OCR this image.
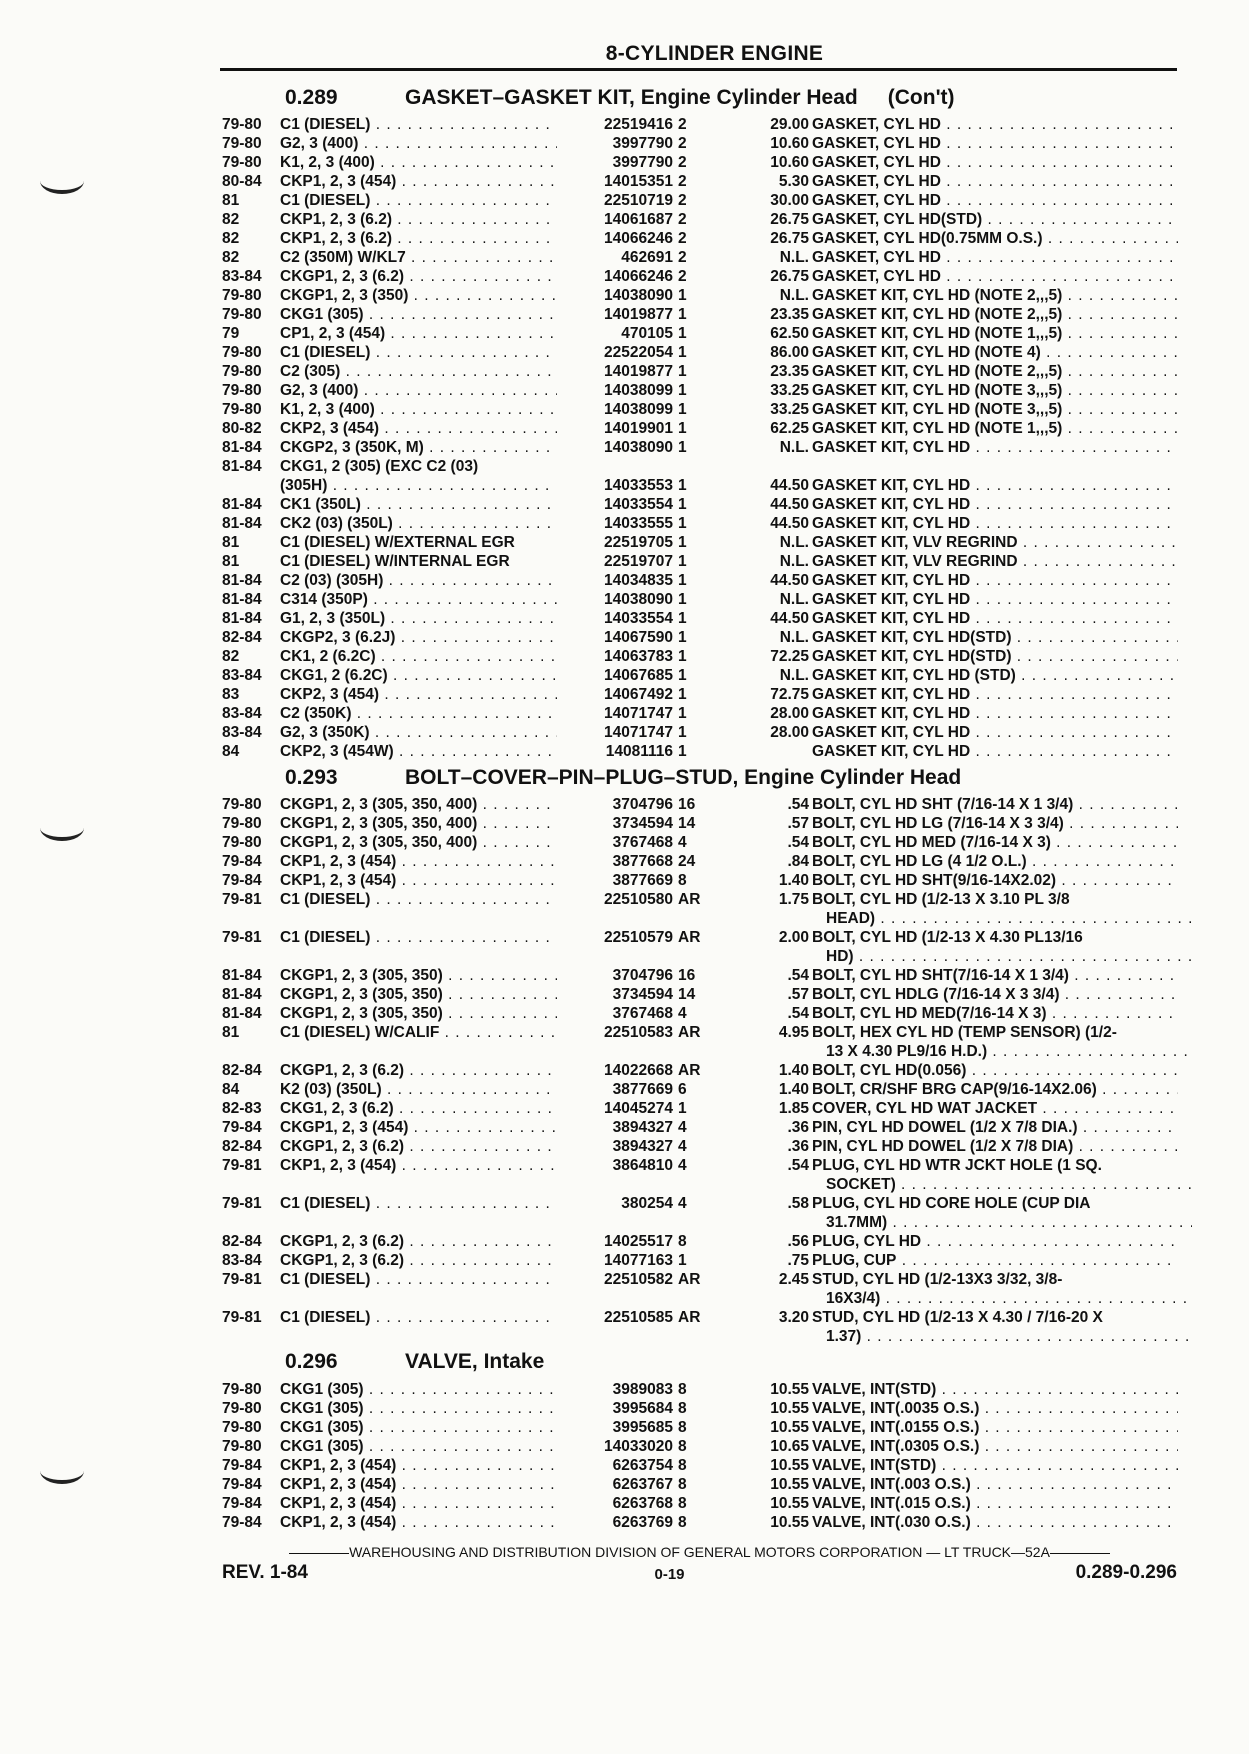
8-CYLINDER ENGINE
0.289	GASKET–GASKET KIT, Engine Cylinder Head (Con't)
79-80	C1 (DIESEL) . . .	22519416 2	29.00 GASKET, CYL HD . . .
79-80	G2, 3 (400) . . .	3997790 2	10.60 GASKET, CYL HD . . .
79-80	K1, 2, 3 (400) . . .	3997790 2	10.60 GASKET, CYL HD . . .
80-84	CKP1, 2, 3 (454) . . .	14015351 2	5.30 GASKET, CYL HD . . .
81	C1 (DIESEL) . . .	22510719 2	30.00 GASKET, CYL HD . . .
82	CKP1, 2, 3 (6.2) . . .	14061687 2	26.75 GASKET, CYL HD(STD) . . .
82	CKP1, 2, 3 (6.2) . . .	14066246 2	26.75 GASKET, CYL HD(0.75MM O.S.) . . .
82	C2 (350M) W/KL7 . . .	462691 2	N.L. GASKET, CYL HD . . .
83-84	CKGP1, 2, 3 (6.2) . . .	14066246 2	26.75 GASKET, CYL HD . . .
79-80	CKGP1, 2, 3 (350) . . .	14038090 1	N.L. GASKET KIT, CYL HD (NOTE 2,,,5) . . .
79-80	CKG1 (305) . . .	14019877 1	23.35 GASKET KIT, CYL HD (NOTE 2,,,5) . . .
79	CP1, 2, 3 (454) . . .	470105 1	62.50 GASKET KIT, CYL HD (NOTE 1,,,5) . . .
79-80	C1 (DIESEL) . . .	22522054 1	86.00 GASKET KIT, CYL HD (NOTE 4) . . .
79-80	C2 (305) . . .	14019877 1	23.35 GASKET KIT, CYL HD (NOTE 2,,,5) . . .
79-80	G2, 3 (400) . . .	14038099 1	33.25 GASKET KIT, CYL HD (NOTE 3,,,5) . . .
79-80	K1, 2, 3 (400) . . .	14038099 1	33.25 GASKET KIT, CYL HD (NOTE 3,,,5) . . .
80-82	CKP2, 3 (454) . . .	14019901 1	62.25 GASKET KIT, CYL HD (NOTE 1,,,5) . . .
81-84	CKGP2, 3 (350K, M) . . .	14038090 1	N.L. GASKET KIT, CYL HD . . .
81-84	CKG1, 2 (305) (EXC C2 (03)
(305H) . . .	14033553 1	44.50 GASKET KIT, CYL HD . . .
81-84	CK1 (350L) . . .	14033554 1	44.50 GASKET KIT, CYL HD . . .
81-84	CK2 (03) (350L) . . .	14033555 1	44.50 GASKET KIT, CYL HD . . .
81	C1 (DIESEL) W/EXTERNAL EGR	22519705 1	N.L. GASKET KIT, VLV REGRIND . . .
81	C1 (DIESEL) W/INTERNAL EGR	22519707 1	N.L. GASKET KIT, VLV REGRIND . . .
81-84	C2 (03) (305H) . . .	14034835 1	44.50 GASKET KIT, CYL HD . . .
81-84	C314 (350P) . . .	14038090 1	N.L. GASKET KIT, CYL HD . . .
81-84	G1, 2, 3 (350L) . . .	14033554 1	44.50 GASKET KIT, CYL HD . . .
82-84	CKGP2, 3 (6.2J) . . .	14067590 1	N.L. GASKET KIT, CYL HD(STD) . . .
82	CK1, 2 (6.2C) . . .	14063783 1	72.25 GASKET KIT, CYL HD(STD) . . .
83-84	CKG1, 2 (6.2C) . . .	14067685 1	N.L. GASKET KIT, CYL HD (STD) . . .
83	CKP2, 3 (454) . . .	14067492 1	72.75 GASKET KIT, CYL HD . . .
83-84	C2 (350K) . . .	14071747 1	28.00 GASKET KIT, CYL HD . . .
83-84	G2, 3 (350K) . . .	14071747 1	28.00 GASKET KIT, CYL HD . . .
84	CKP2, 3 (454W) . . .	14081116 1	GASKET KIT, CYL HD . . .
0.293	BOLT–COVER–PIN–PLUG–STUD, Engine Cylinder Head
79-80	CKGP1, 2, 3 (305, 350, 400) . . .	3704796 16	.54 BOLT, CYL HD SHT (7/16-14 X 1 3/4) . . .
79-80	CKGP1, 2, 3 (305, 350, 400) . . .	3734594 14	.57 BOLT, CYL HD LG (7/16-14 X 3 3/4) . . .
79-80	CKGP1, 2, 3 (305, 350, 400) . . .	3767468 4	.54 BOLT, CYL HD MED (7/16-14 X 3) . . .
79-84	CKP1, 2, 3 (454) . . .	3877668 24	.84 BOLT, CYL HD LG (4 1/2 O.L.) . . .
79-84	CKP1, 2, 3 (454) . . .	3877669 8	1.40 BOLT, CYL HD SHT(9/16-14X2.02) . . .
79-81	C1 (DIESEL) . . .	22510580 AR	1.75 BOLT, CYL HD (1/2-13 X 3.10 PL 3/8
HEAD) . . .
79-81	C1 (DIESEL) . . .	22510579 AR	2.00 BOLT, CYL HD (1/2-13 X 4.30 PL13/16
HD) . . .
81-84	CKGP1, 2, 3 (305, 350) . . .	3704796 16	.54 BOLT, CYL HD SHT(7/16-14 X 1 3/4) . . .
81-84	CKGP1, 2, 3 (305, 350) . . .	3734594 14	.57 BOLT, CYL HDLG (7/16-14 X 3 3/4) . . .
81-84	CKGP1, 2, 3 (305, 350) . . .	3767468 4	.54 BOLT, CYL HD MED(7/16-14 X 3) . . .
81	C1 (DIESEL) W/CALIF . . .	22510583 AR	4.95 BOLT, HEX CYL HD (TEMP SENSOR) (1/2-
13 X 4.30 PL9/16 H.D.) . . .
82-84	CKGP1, 2, 3 (6.2) . . .	14022668 AR	1.40 BOLT, CYL HD(0.056) . . .
84	K2 (03) (350L) . . .	3877669 6	1.40 BOLT, CR/SHF BRG CAP(9/16-14X2.06) . . .
82-83	CKG1, 2, 3 (6.2) . . .	14045274 1	1.85 COVER, CYL HD WAT JACKET . . .
79-84	CKGP1, 2, 3 (454) . . .	3894327 4	.36 PIN, CYL HD DOWEL (1/2 X 7/8 DIA.) . . .
82-84	CKGP1, 2, 3 (6.2) . . .	3894327 4	.36 PIN, CYL HD DOWEL (1/2 X 7/8 DIA) . . .
79-81	CKP1, 2, 3 (454) . . .	3864810 4	.54 PLUG, CYL HD WTR JCKT HOLE (1 SQ.
SOCKET) . . .
79-81	C1 (DIESEL) . . .	380254 4	.58 PLUG, CYL HD CORE HOLE (CUP DIA
31.7MM) . . .
82-84	CKGP1, 2, 3 (6.2) . . .	14025517 8	.56 PLUG, CYL HD . . .
83-84	CKGP1, 2, 3 (6.2) . . .	14077163 1	.75 PLUG, CUP . . .
79-81	C1 (DIESEL) . . .	22510582 AR	2.45 STUD, CYL HD (1/2-13X3 3/32, 3/8-
16X3/4) . . .
79-81	C1 (DIESEL) . . .	22510585 AR	3.20 STUD, CYL HD (1/2-13 X 4.30 / 7/16-20 X
1.37) . . .
0.296	VALVE, Intake
79-80	CKG1 (305) . . .	3989083 8	10.55 VALVE, INT(STD) . . .
79-80	CKG1 (305) . . .	3995684 8	10.55 VALVE, INT(.0035 O.S.) . . .
79-80	CKG1 (305) . . .	3995685 8	10.55 VALVE, INT(.0155 O.S.) . . .
79-80	CKG1 (305) . . .	14033020 8	10.65 VALVE, INT(.0305 O.S.) . . .
79-84	CKP1, 2, 3 (454) . . .	6263754 8	10.55 VALVE, INT(STD) . . .
79-84	CKP1, 2, 3 (454) . . .	6263767 8	10.55 VALVE, INT(.003 O.S.) . . .
79-84	CKP1, 2, 3 (454) . . .	6263768 8	10.55 VALVE, INT(.015 O.S.) . . .
79-84	CKP1, 2, 3 (454) . . .	6263769 8	10.55 VALVE, INT(.030 O.S.) . . .
WAREHOUSING AND DISTRIBUTION DIVISION OF GENERAL MOTORS CORPORATION — LT TRUCK—52A
REV. 1-84	0-19	0.289-0.296
